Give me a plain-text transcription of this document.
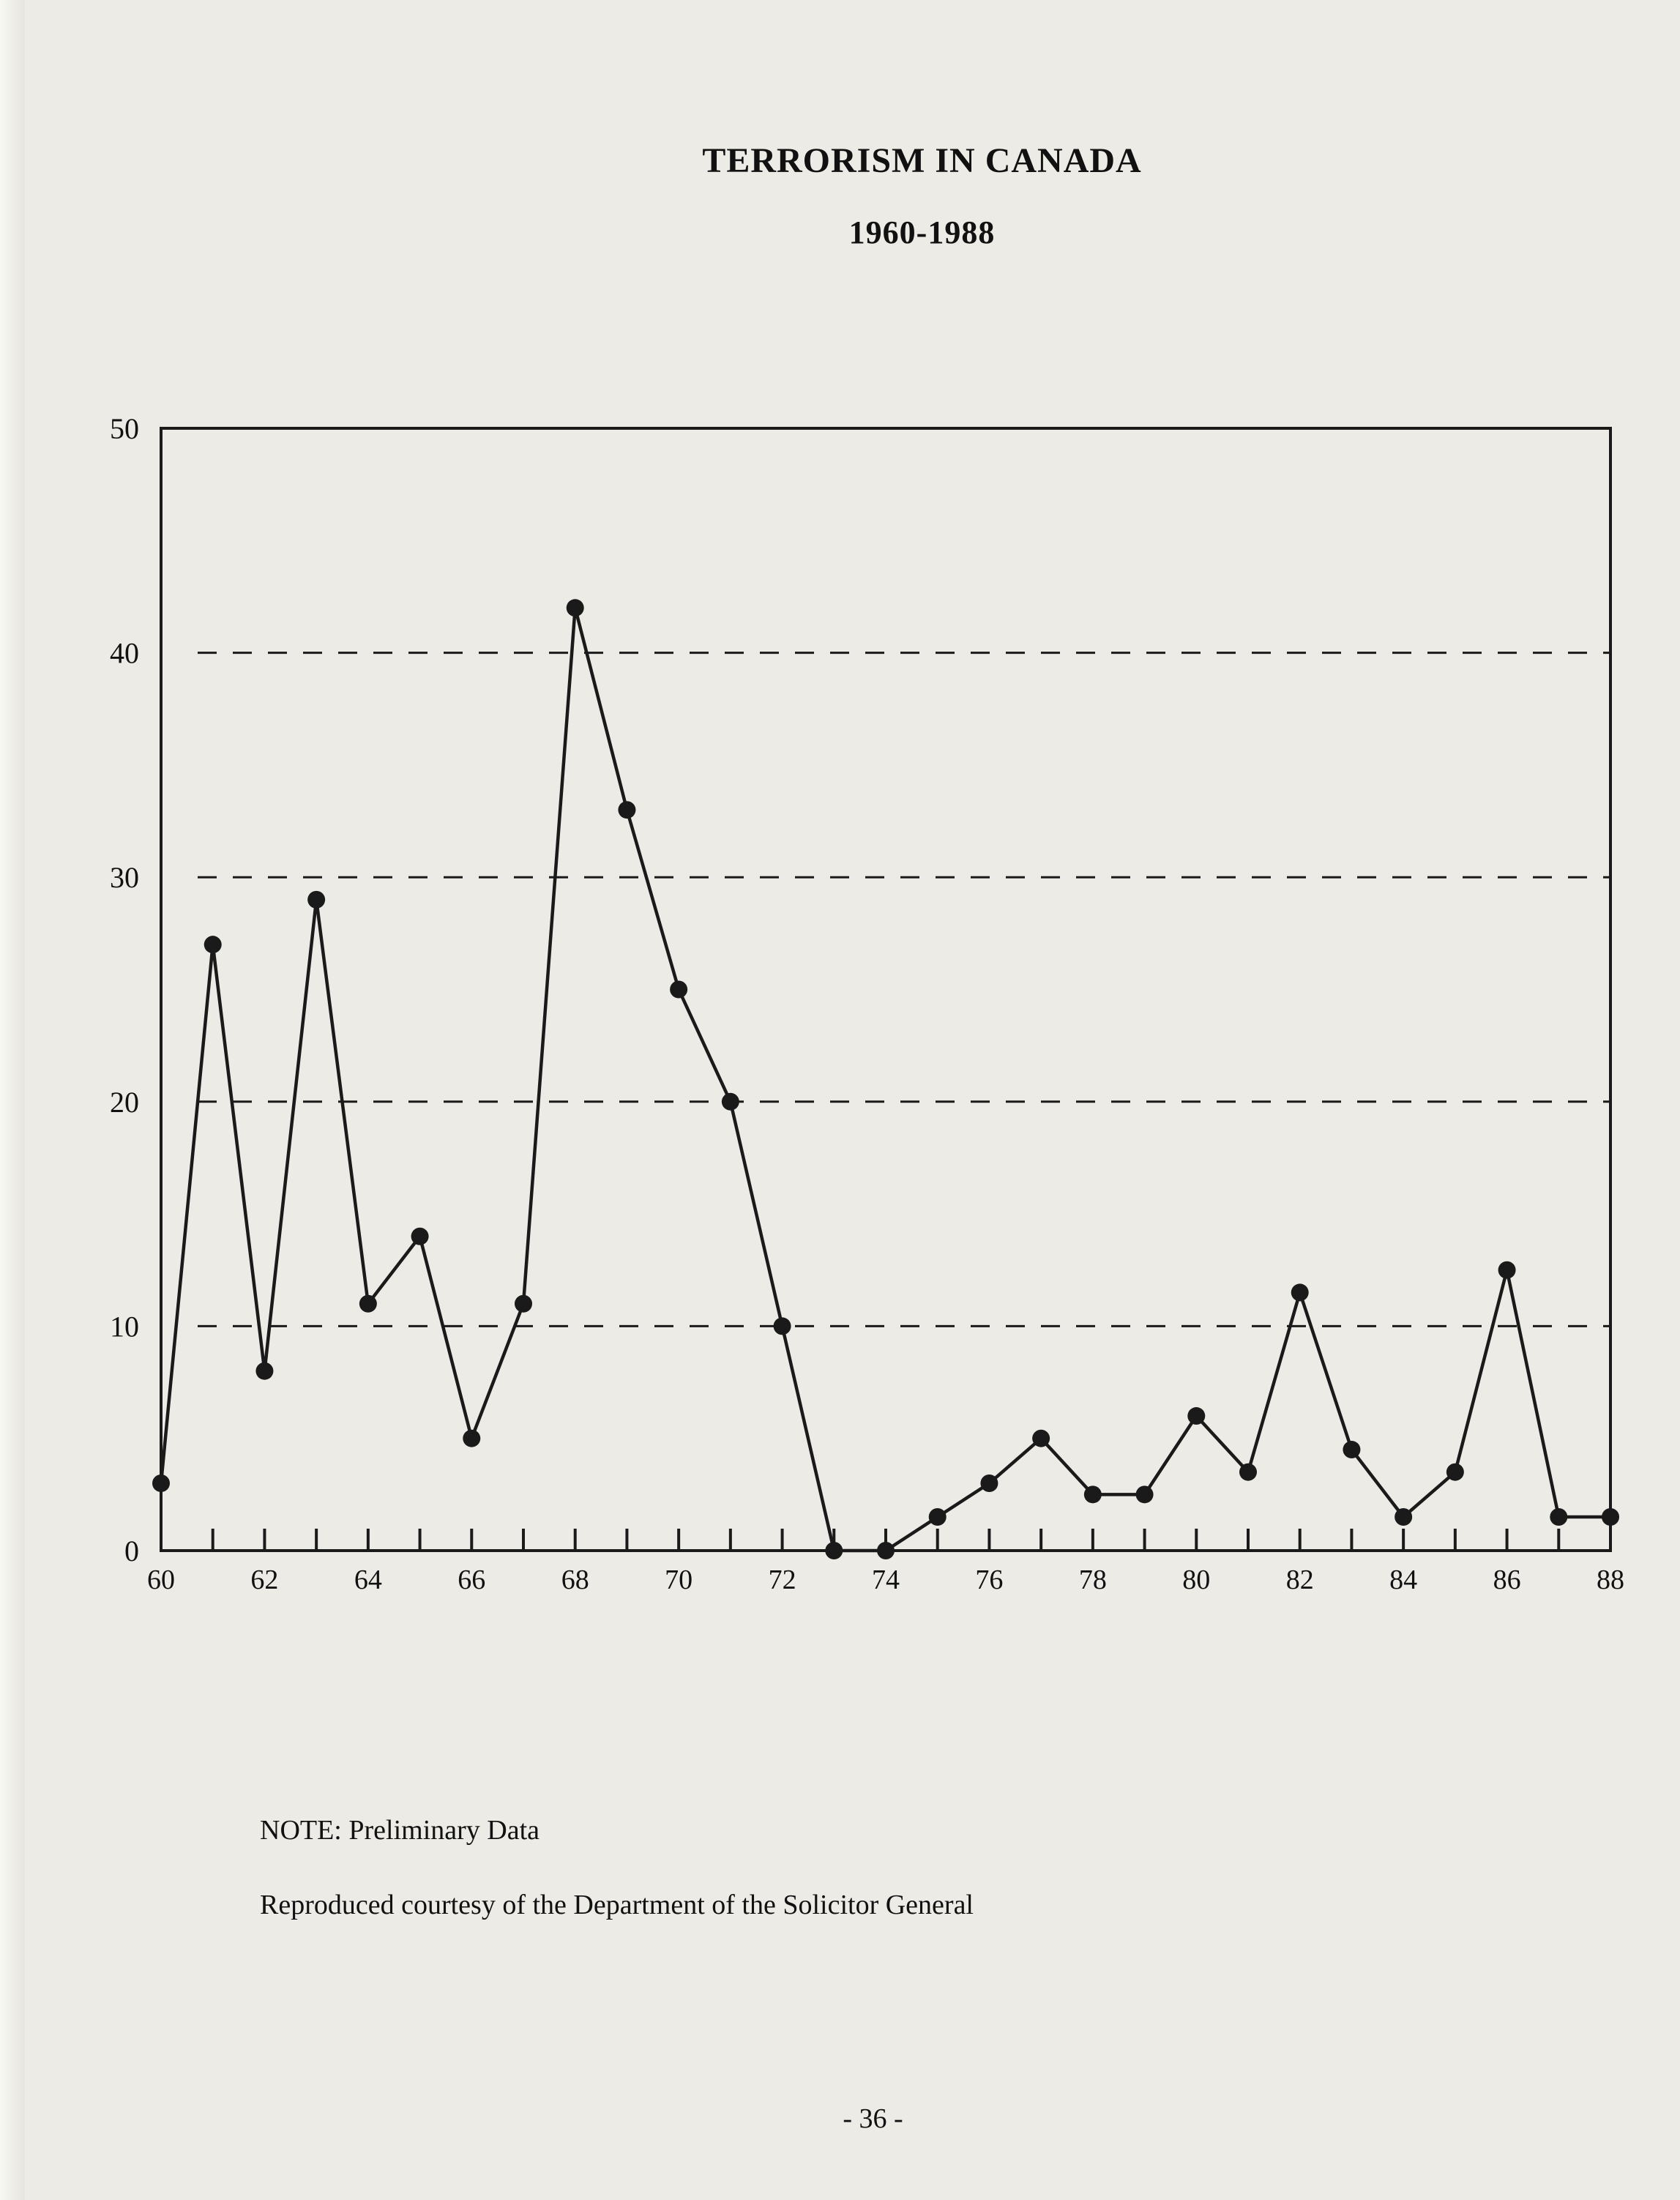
TERRORISM IN CANADA
1960-1988
0
10
20
30
40
50
60	62	64	66	68	70	72	74	76	78	80	82	84	86	88
NOTE: Preliminary Data
Reproduced courtesy of the Department of the Solicitor General
- 36 -
